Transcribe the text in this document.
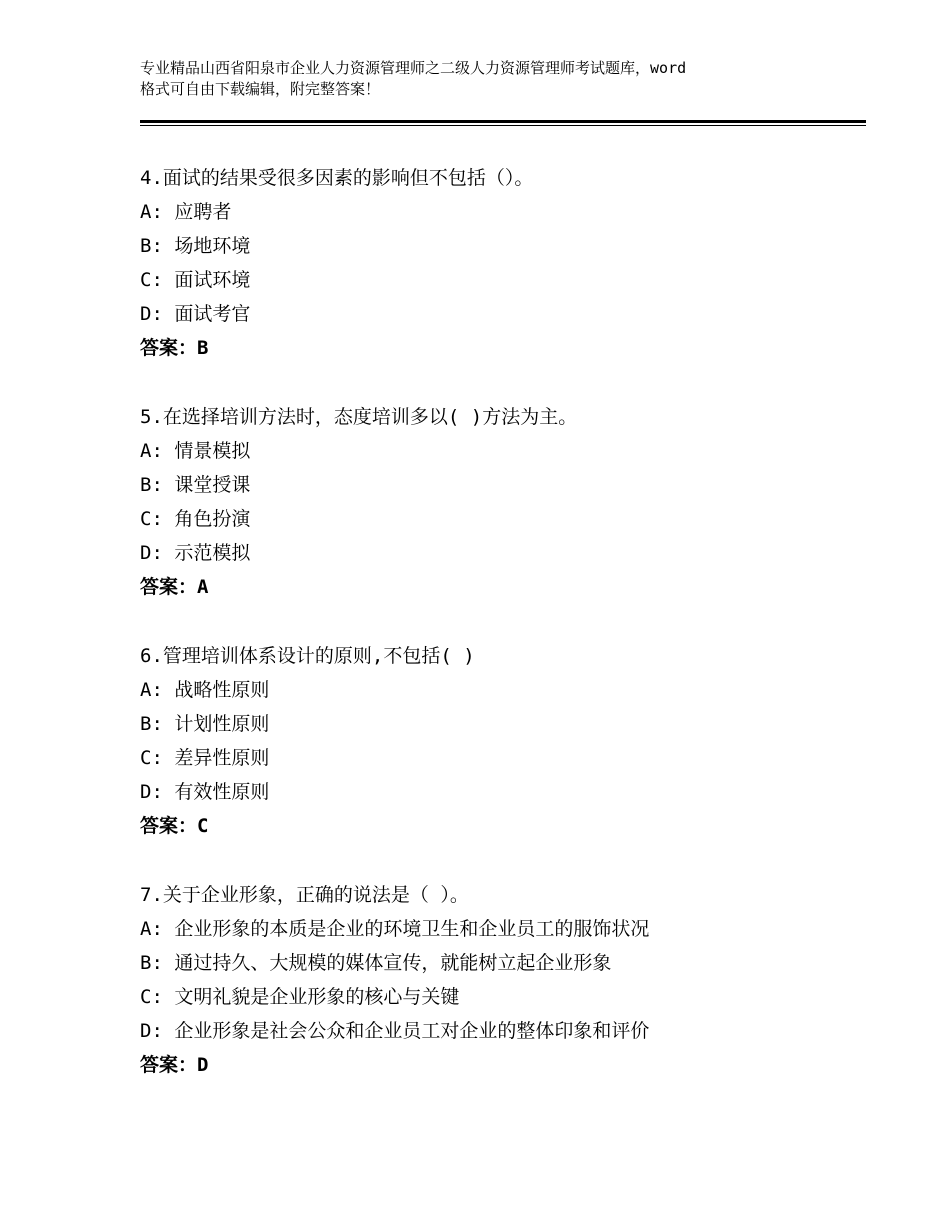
专业精品山西省阳泉市企业人力资源管理师之二级人力资源管理师考试题库，word
格式可自由下载编辑，附完整答案！
4.面试的结果受很多因素的影响但不包括（）。
A: 应聘者
B: 场地环境
C: 面试环境
D: 面试考官
答案：B
5.在选择培训方法时，态度培训多以( )方法为主。
A: 情景模拟
B: 课堂授课
C: 角色扮演
D: 示范模拟
答案：A
6.管理培训体系设计的原则,不包括( )
A: 战略性原则
B: 计划性原则
C: 差异性原则
D: 有效性原则
答案：C
7.关于企业形象，正确的说法是（ ）。
A: 企业形象的本质是企业的环境卫生和企业员工的服饰状况
B: 通过持久、大规模的媒体宣传，就能树立起企业形象
C: 文明礼貌是企业形象的核心与关键
D: 企业形象是社会公众和企业员工对企业的整体印象和评价
答案：D
